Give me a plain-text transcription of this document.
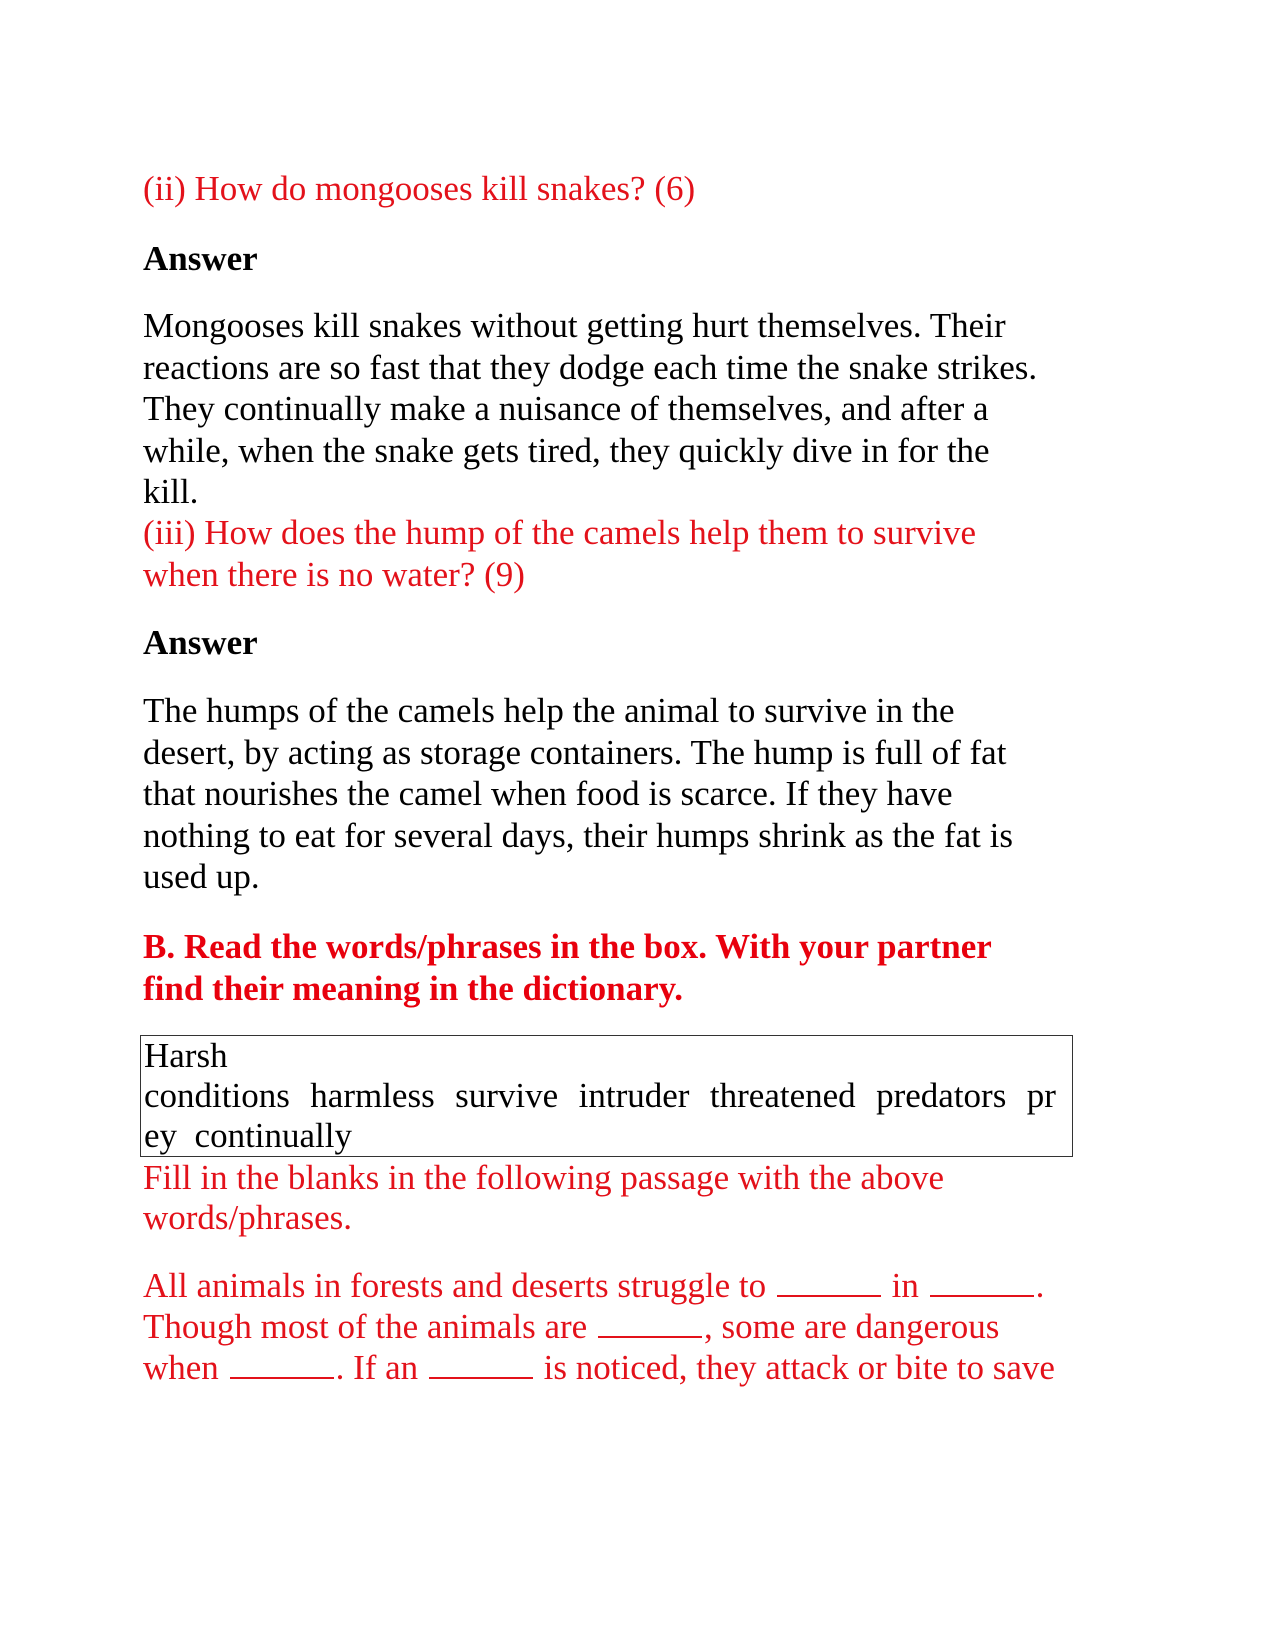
(ii) How do mongooses kill snakes? (6)
Answer
Mongooses kill snakes without getting hurt themselves. Their
reactions are so fast that they dodge each time the snake strikes.
They continually make a nuisance of themselves, and after a
while, when the snake gets tired, they quickly dive in for the
kill.
(iii) How does the hump of the camels help them to survive
when there is no water? (9)
Answer
The humps of the camels help the animal to survive in the
desert, by acting as storage containers. The hump is full of fat
that nourishes the camel when food is scarce. If they have
nothing to eat for several days, their humps shrink as the fat is
used up.
B. Read the words/phrases in the box. With your partner
find their meaning in the dictionary.
Harsh
conditions harmless survive intruder threatened predators pr
ey  continually
Fill in the blanks in the following passage with the above
words/phrases.
All animals in forests and deserts struggle to	in	.
Though most of the animals are	, some are dangerous
when	. If an	is noticed, they attack or bite to save
